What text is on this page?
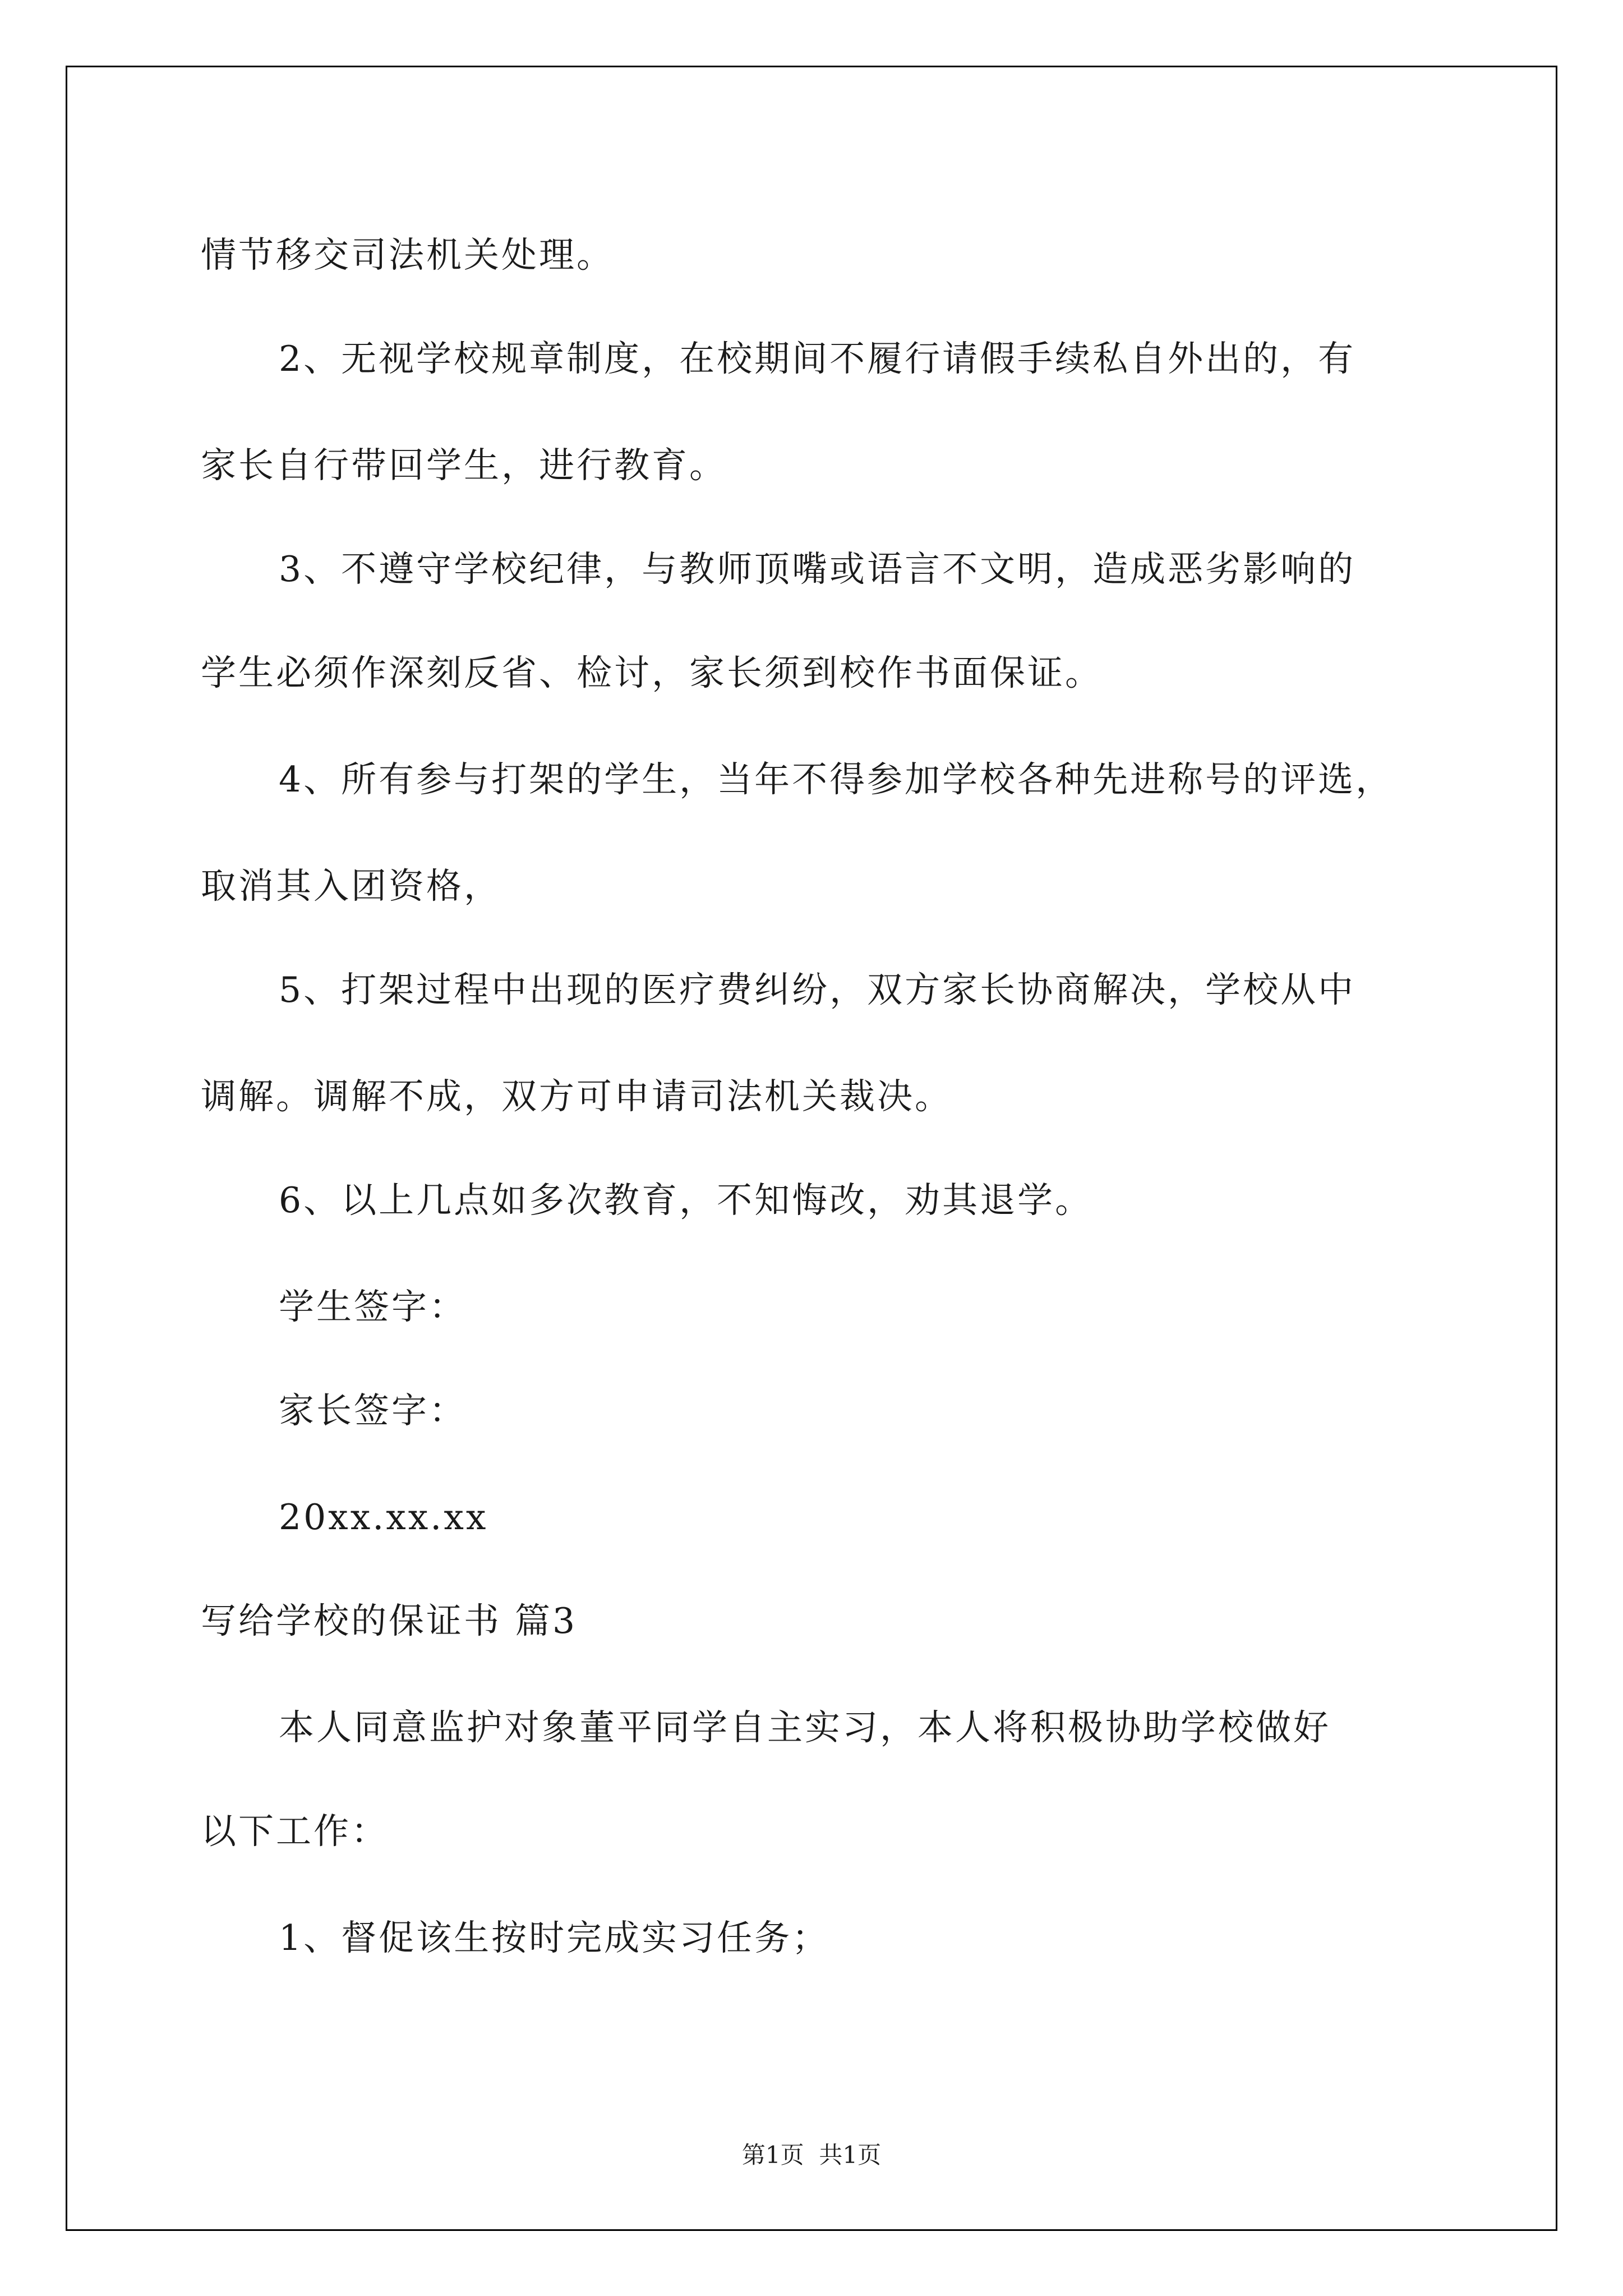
情节移交司法机关处理。
2、无视学校规章制度，在校期间不履行请假手续私自外出的，有
家长自行带回学生，进行教育。
3、不遵守学校纪律，与教师顶嘴或语言不文明，造成恶劣影响的
学生必须作深刻反省、检讨，家长须到校作书面保证。
4、所有参与打架的学生，当年不得参加学校各种先进称号的评选，
取消其入团资格，
5、打架过程中出现的医疗费纠纷，双方家长协商解决，学校从中
调解。调解不成，双方可申请司法机关裁决。
6、以上几点如多次教育，不知悔改，劝其退学。
学生签字：
家长签字：
20xx.xx.xx
写给学校的保证书 篇3
本人同意监护对象董平同学自主实习，本人将积极协助学校做好
以下工作：
1、督促该生按时完成实习任务；
第1页  共1页
